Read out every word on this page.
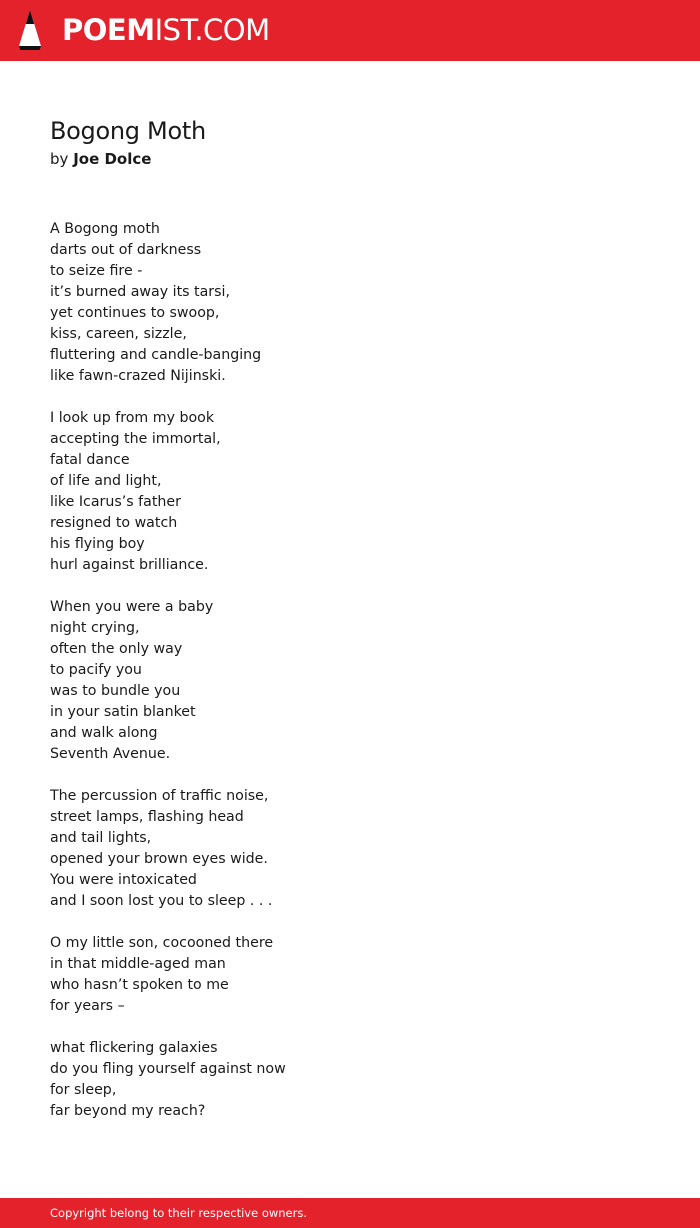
POEMIST.COM
Bogong Moth
by Joe Dolce
A Bogong moth
darts out of darkness
to seize fire -
it’s burned away its tarsi,
yet continues to swoop,
kiss, careen, sizzle,
fluttering and candle-banging
like fawn-crazed Nijinski.
I look up from my book
accepting the immortal,
fatal dance
of life and light,
like Icarus’s father
resigned to watch
his flying boy
hurl against brilliance.
When you were a baby
night crying,
often the only way
to pacify you
was to bundle you
in your satin blanket
and walk along
Seventh Avenue.
The percussion of traffic noise,
street lamps, flashing head
and tail lights,
opened your brown eyes wide.
You were intoxicated
and I soon lost you to sleep . . .
O my little son, cocooned there
in that middle-aged man
who hasn’t spoken to me
for years –
what flickering galaxies
do you fling yourself against now
for sleep,
far beyond my reach?
Copyright belong to their respective owners.
